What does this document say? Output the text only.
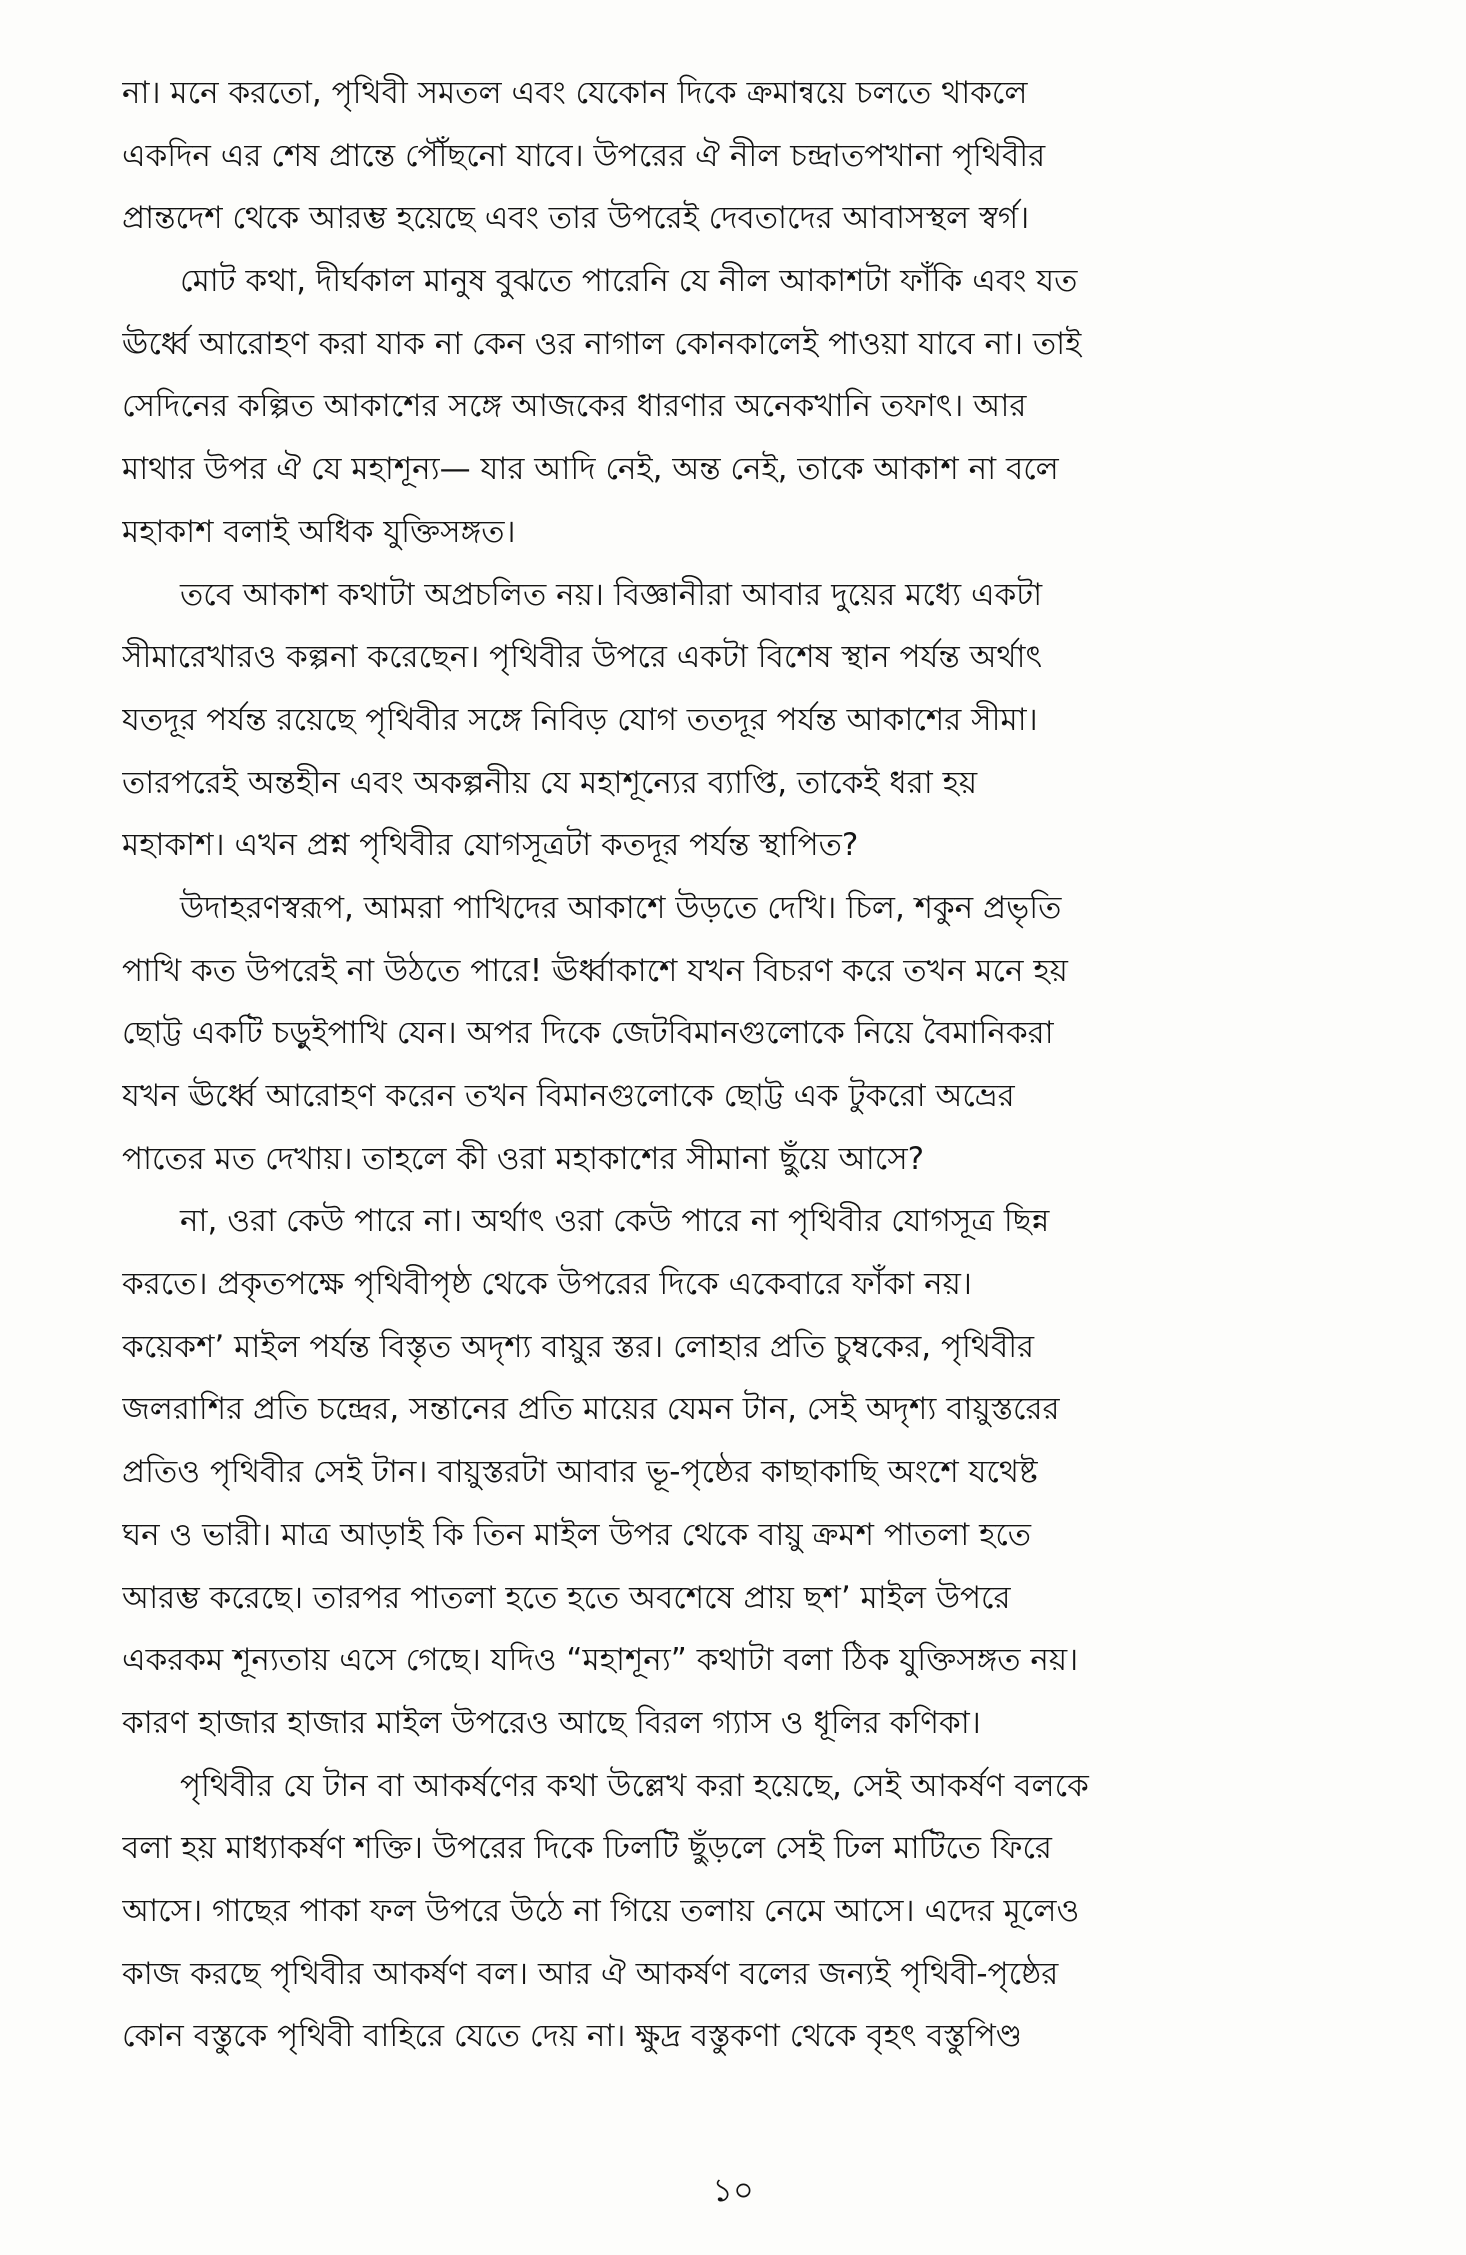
না। মনে করতো, পৃথিবী সমতল এবং যেকোন দিকে ক্রমান্বয়ে চলতে থাকলে
একদিন এর শেষ প্রান্তে পৌঁছনো যাবে। উপরের ঐ নীল চন্দ্রাতপখানা পৃথিবীর
প্রান্তদেশ থেকে আরম্ভ হয়েছে এবং তার উপরেই দেবতাদের আবাসস্থল স্বর্গ।
মোট কথা, দীর্ঘকাল মানুষ বুঝতে পারেনি যে নীল আকাশটা ফাঁকি এবং যত
ঊর্ধ্বে আরোহণ করা যাক না কেন ওর নাগাল কোনকালেই পাওয়া যাবে না। তাই
সেদিনের কল্পিত আকাশের সঙ্গে আজকের ধারণার অনেকখানি তফাৎ। আর
মাথার উপর ঐ যে মহাশূন্য— যার আদি নেই, অন্ত নেই, তাকে আকাশ না বলে
মহাকাশ বলাই অধিক যুক্তিসঙ্গত।
তবে আকাশ কথাটা অপ্রচলিত নয়। বিজ্ঞানীরা আবার দুয়ের মধ্যে একটা
সীমারেখারও কল্পনা করেছেন। পৃথিবীর উপরে একটা বিশেষ স্থান পর্যন্ত অর্থাৎ
যতদূর পর্যন্ত রয়েছে পৃথিবীর সঙ্গে নিবিড় যোগ ততদূর পর্যন্ত আকাশের সীমা।
তারপরেই অন্তহীন এবং অকল্পনীয় যে মহাশূন্যের ব্যাপ্তি, তাকেই ধরা হয়
মহাকাশ। এখন প্রশ্ন পৃথিবীর যোগসূত্রটা কতদূর পর্যন্ত স্থাপিত?
উদাহরণস্বরূপ, আমরা পাখিদের আকাশে উড়তে দেখি। চিল, শকুন প্রভৃতি
পাখি কত উপরেই না উঠতে পারে! ঊর্ধ্বাকাশে যখন বিচরণ করে তখন মনে হয়
ছোট্ট একটি চড়ুইপাখি যেন। অপর দিকে জেটবিমানগুলোকে নিয়ে বৈমানিকরা
যখন ঊর্ধ্বে আরোহণ করেন তখন বিমানগুলোকে ছোট্ট এক টুকরো অভ্রের
পাতের মত দেখায়। তাহলে কী ওরা মহাকাশের সীমানা ছুঁয়ে আসে?
না, ওরা কেউ পারে না। অর্থাৎ ওরা কেউ পারে না পৃথিবীর যোগসূত্র ছিন্ন
করতে। প্রকৃতপক্ষে পৃথিবীপৃষ্ঠ থেকে উপরের দিকে একেবারে ফাঁকা নয়।
কয়েকশ’ মাইল পর্যন্ত বিস্তৃত অদৃশ্য বায়ুর স্তর। লোহার প্রতি চুম্বকের, পৃথিবীর
জলরাশির প্রতি চন্দ্রের, সন্তানের প্রতি মায়ের যেমন টান, সেই অদৃশ্য বায়ুস্তরের
প্রতিও পৃথিবীর সেই টান। বায়ুস্তরটা আবার ভূ-পৃষ্ঠের কাছাকাছি অংশে যথেষ্ট
ঘন ও ভারী। মাত্র আড়াই কি তিন মাইল উপর থেকে বায়ু ক্রমশ পাতলা হতে
আরম্ভ করেছে। তারপর পাতলা হতে হতে অবশেষে প্রায় ছশ’ মাইল উপরে
একরকম শূন্যতায় এসে গেছে। যদিও “মহাশূন্য” কথাটা বলা ঠিক যুক্তিসঙ্গত নয়।
কারণ হাজার হাজার মাইল উপরেও আছে বিরল গ্যাস ও ধূলির কণিকা।
পৃথিবীর যে টান বা আকর্ষণের কথা উল্লেখ করা হয়েছে, সেই আকর্ষণ বলকে
বলা হয় মাধ্যাকর্ষণ শক্তি। উপরের দিকে ঢিলটি ছুঁড়লে সেই ঢিল মাটিতে ফিরে
আসে। গাছের পাকা ফল উপরে উঠে না গিয়ে তলায় নেমে আসে। এদের মূলেও
কাজ করছে পৃথিবীর আকর্ষণ বল। আর ঐ আকর্ষণ বলের জন্যই পৃথিবী-পৃষ্ঠের
কোন বস্তুকে পৃথিবী বাহিরে যেতে দেয় না। ক্ষুদ্র বস্তুকণা থেকে বৃহৎ বস্তুপিণ্ড
১০
